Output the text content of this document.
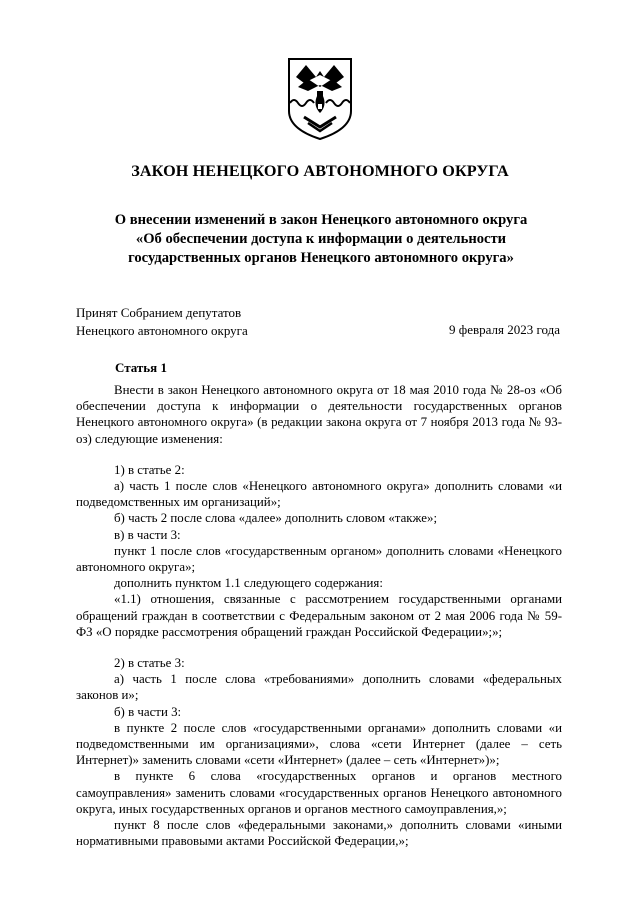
ЗАКОН НЕНЕЦКОГО АВТОНОМНОГО ОКРУГА
О внесении изменений в закон Ненецкого автономного округа
«Об обеспечении доступа к информации о деятельности
государственных органов Ненецкого автономного округа»
Принят Собранием депутатов
Ненецкого автономного округа	9 февраля 2023 года
Статья 1

Внести в закон Ненецкого автономного округа от 18 мая 2010 года № 28-оз «Об обеспечении доступа к информации о деятельности государственных органов Ненецкого автономного округа» (в редакции закона округа от 7 ноября 2013 года № 93-оз) следующие изменения:

1) в статье 2:

а) часть 1 после слов «Ненецкого автономного округа» дополнить словами «и подведомственных им организаций»;

б) часть 2 после слова «далее» дополнить словом «также»;

в) в части 3:

пункт 1 после слов «государственным органом» дополнить словами «Ненецкого автономного округа»;

дополнить пунктом 1.1 следующего содержания:

«1.1) отношения, связанные с рассмотрением государственными органами обращений граждан в соответствии с Федеральным законом от 2 мая 2006 года № 59-ФЗ «О порядке рассмотрения обращений граждан Российской Федерации»;»;

2) в статье 3:

а) часть 1 после слова «требованиями» дополнить словами «федеральных законов и»;

б) в части 3:

в пункте 2 после слов «государственными органами» дополнить словами «и подведомственными им организациями», слова «сети Интернет (далее – сеть Интернет)» заменить словами «сети «Интернет» (далее – сеть «Интернет»)»;

в пункте 6 слова «государственных органов и органов местного самоуправления» заменить словами «государственных органов Ненецкого автономного округа, иных государственных органов и органов местного самоуправления,»;

пункт 8 после слов «федеральными законами,» дополнить словами «иными нормативными правовыми актами Российской Федерации,»;
